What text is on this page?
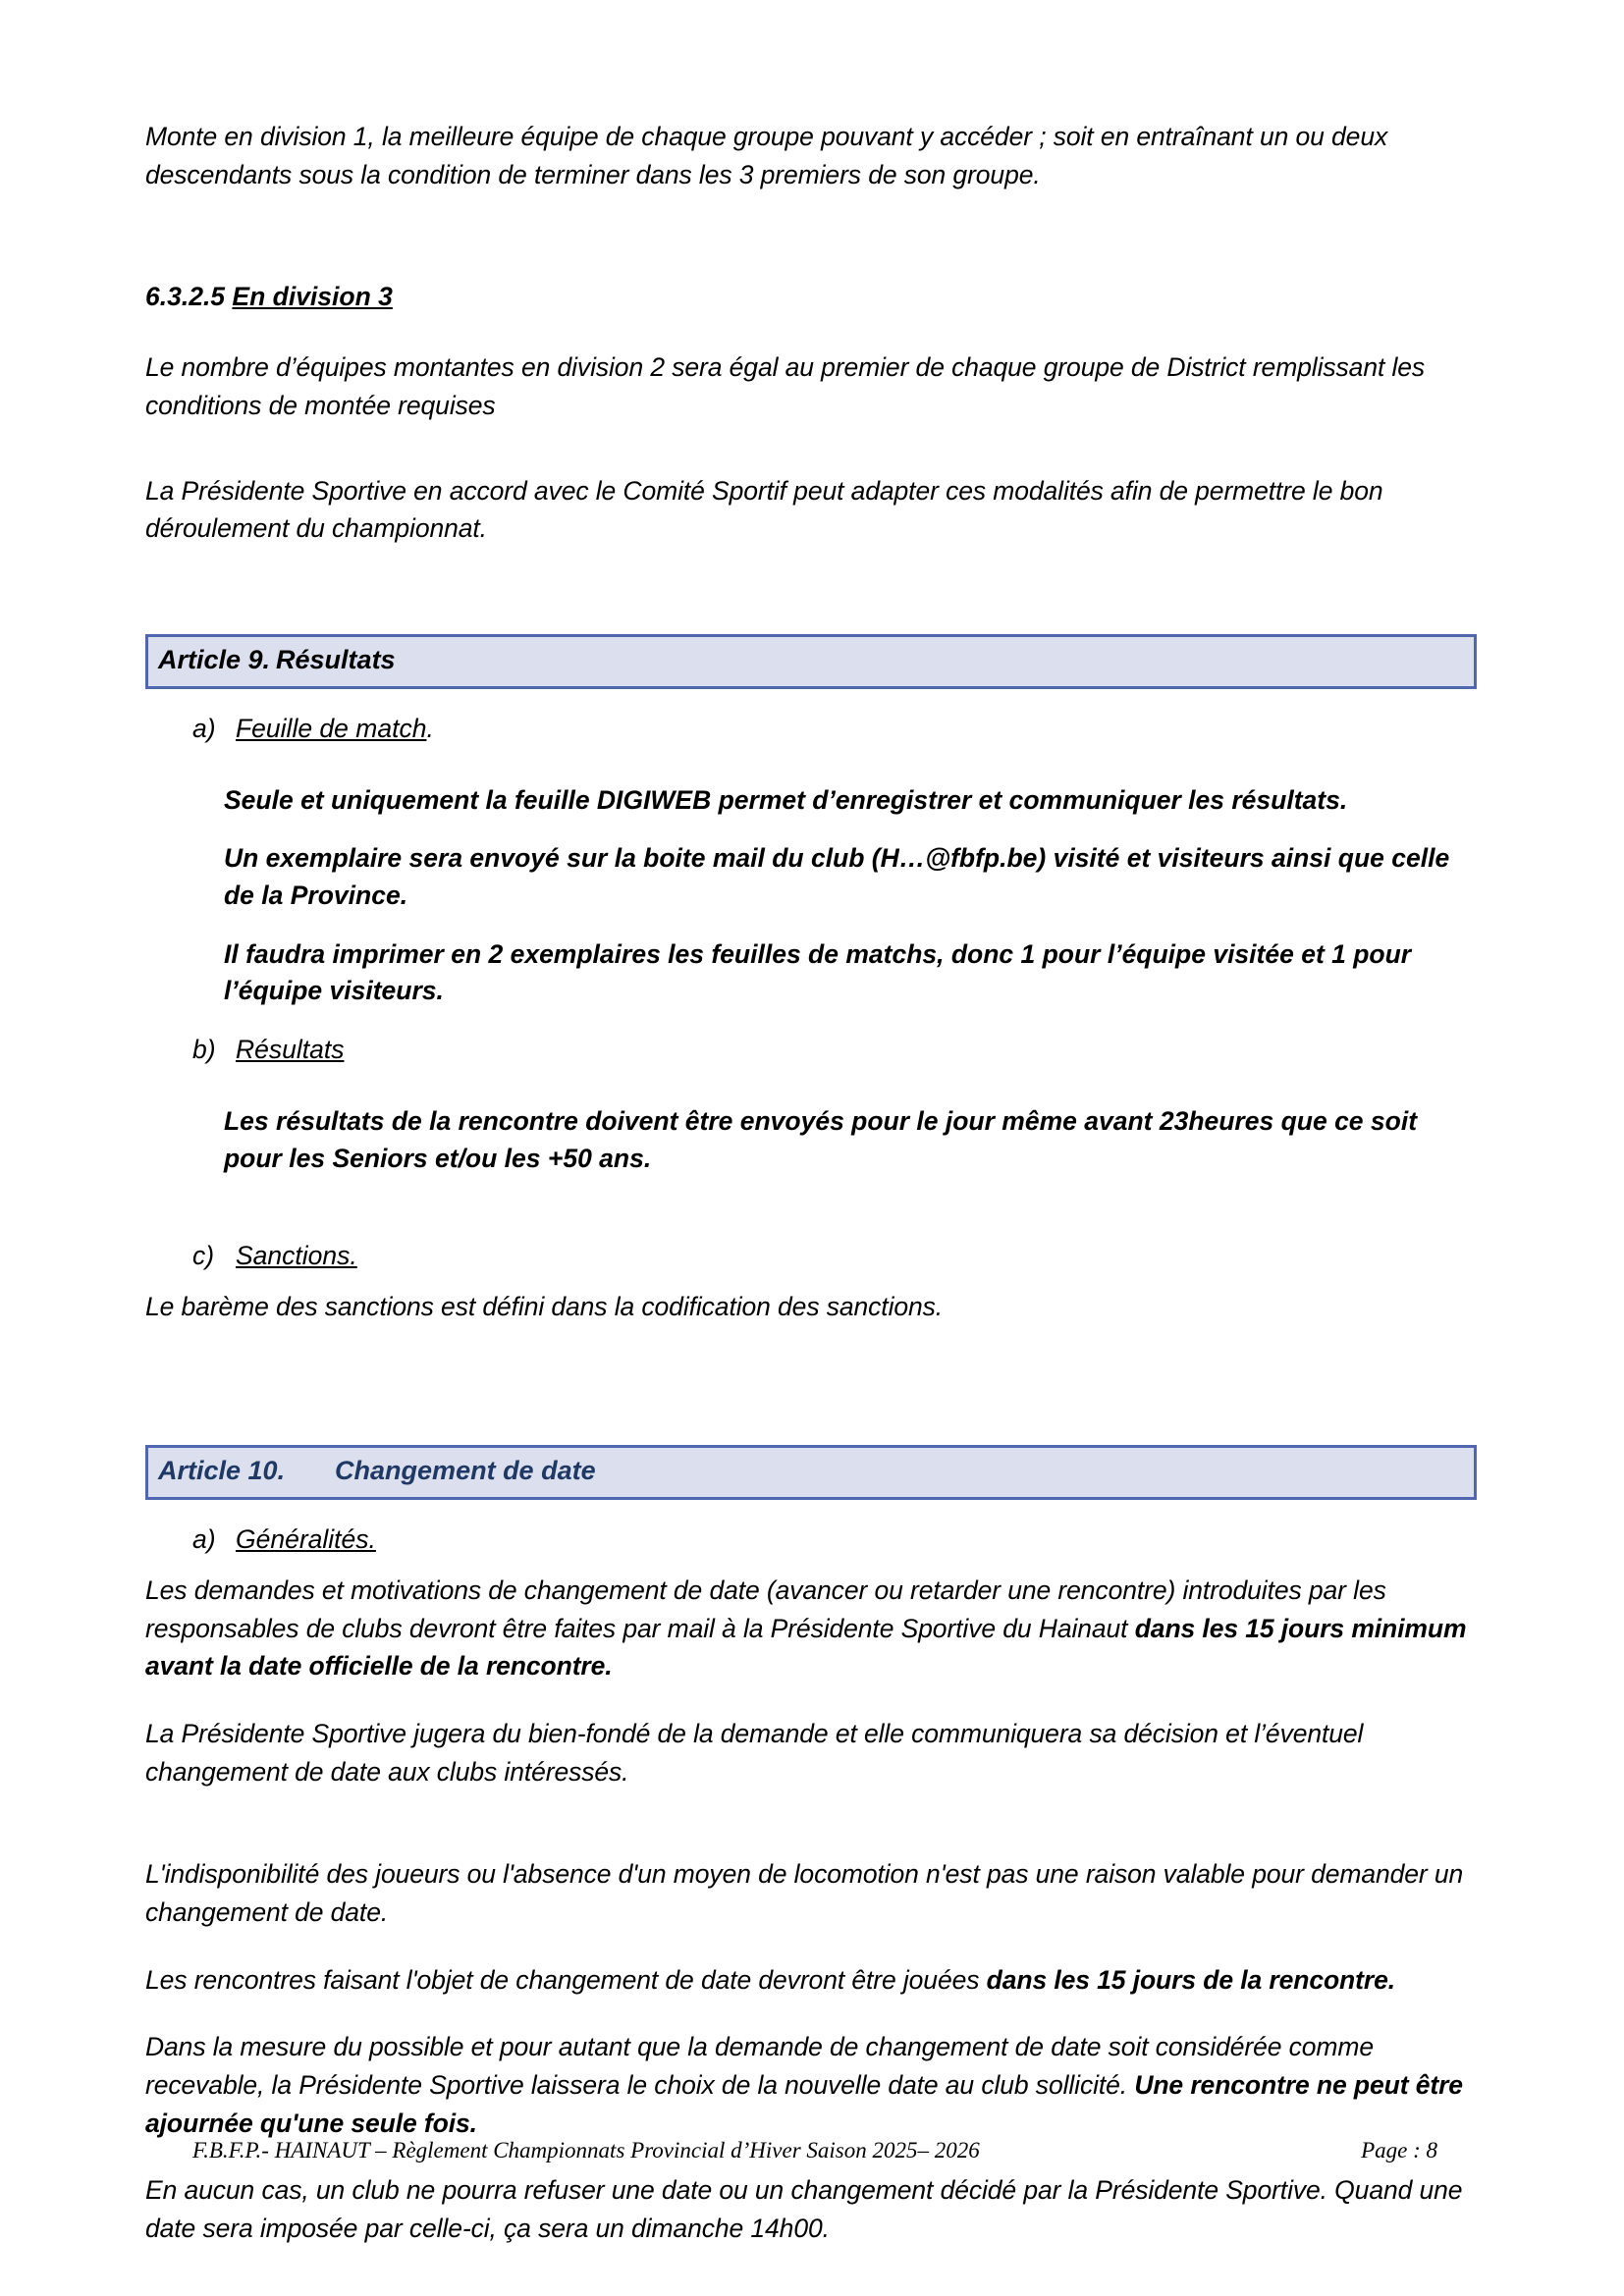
Monte en division 1, la meilleure équipe de chaque groupe pouvant y accéder ; soit en entraînant un ou deux descendants sous la condition de terminer dans les 3 premiers de son groupe.

6.3.2.5 En division 3

Le nombre d’équipes montantes en division 2 sera égal au premier de chaque groupe de District remplissant les conditions de montée requises

La Présidente Sportive en accord avec le Comité Sportif peut adapter ces modalités afin de permettre le bon déroulement du championnat.

Article 9.	Résultats
a) Feuille de match.
Seule et uniquement la feuille DIGIWEB permet d’enregistrer et communiquer les résultats.
Un exemplaire sera envoyé sur la boite mail du club (H…@fbfp.be) visité et visiteurs ainsi que celle de la Province.
Il faudra imprimer en 2 exemplaires les feuilles de matchs, donc 1 pour l’équipe visitée et 1 pour l’équipe visiteurs.
b) Résultats
Les résultats de la rencontre doivent être envoyés pour le jour même avant 23heures que ce soit pour les Seniors et/ou les +50 ans.
c) Sanctions.

Le barème des sanctions est défini dans la codification des sanctions.

Article 10.	Changement de date
a) Généralités.

Les demandes et motivations de changement de date (avancer ou retarder une rencontre) introduites par les responsables de clubs devront être faites par mail à la Présidente Sportive du Hainaut dans les 15 jours minimum avant la date officielle de la rencontre.

La Présidente Sportive jugera du bien-fondé de la demande et elle communiquera sa décision et l’éventuel changement de date aux clubs intéressés.

L'indisponibilité des joueurs ou l'absence d'un moyen de locomotion n'est pas une raison valable pour demander un changement de date.

Les rencontres faisant l'objet de changement de date devront être jouées dans les 15 jours de la rencontre.

Dans la mesure du possible et pour autant que la demande de changement de date soit considérée comme recevable, la Présidente Sportive laissera le choix de la nouvelle date au club sollicité. Une rencontre ne peut être ajournée qu'une seule fois.

En aucun cas, un club ne pourra refuser une date ou un changement décidé par la Présidente Sportive. Quand une date sera imposée par celle-ci, ça sera un dimanche 14h00.

F.B.F.P.- HAINAUT – Règlement Championnats Provincial d’Hiver Saison 2025– 2026	Page : 8
